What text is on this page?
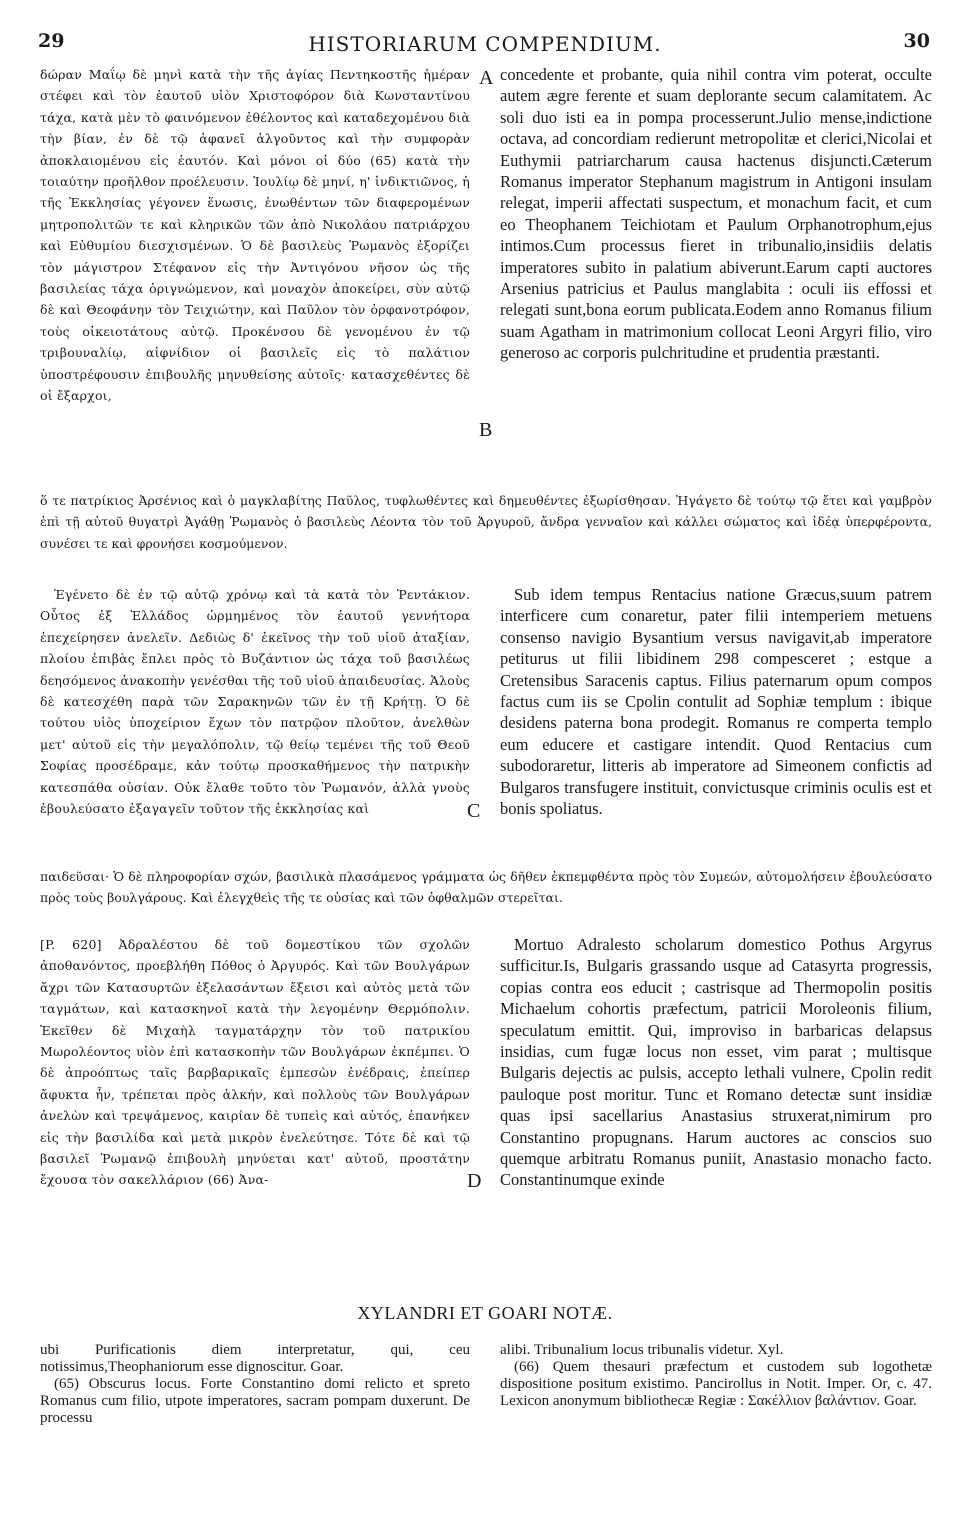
29	HISTORIARUM COMPENDIUM.	30

δώραν Μαΐῳ δὲ μηνὶ κατὰ τὴν τῆς ἁγίας Πεντηκοστῆς ἡμέραν στέφει καὶ τὸν ἑαυτοῦ υἱὸν Χριστοφόρον διὰ Κωνσταντίνου τάχα, κατὰ μὲν τὸ φαινόμενον ἐθέλοντος καὶ καταδεχομένου διὰ τὴν βίαν, ἐν δὲ τῷ ἀφανεῖ ἀλγοῦντος καὶ τὴν συμφορὰν ἀποκλαιομένου εἰς ἑαυτόν. Καὶ μόνοι οἱ δύο (65) κατὰ τὴν τοιαύτην προῆλθον προέλευσιν. Ἰουλίῳ δὲ μηνί, η' ἰνδικτιῶνος, ἡ τῆς Ἐκκλησίας γέγονεν ἕνωσις, ἑνωθέντων τῶν διαφερομένων μητροπολιτῶν τε καὶ κληρικῶν τῶν ἀπὸ Νικολάου πατριάρχου καὶ Εὐθυμίου διεσχισμένων. Ὁ δὲ βασιλεὺς Ῥωμανὸς ἐξορίζει τὸν μάγιστρον Στέφανον εἰς τὴν Ἀντιγόνου νῆσον ὡς τῆς βασιλείας τάχα ὀριγνώμενον, καὶ μοναχὸν ἀποκείρει, σὺν αὐτῷ δὲ καὶ Θεοφάνην τὸν Τειχιώτην, καὶ Παῦλον τὸν ὀρφανοτρόφον, τοὺς οἰκειοτάτους αὐτῷ. Προκένσου δὲ γενομένου ἐν τῷ τριβουναλίῳ, αἰφνίδιον οἱ βασιλεῖς εἰς τὸ παλάτιον ὑποστρέφουσιν ἐπιβουλῆς μηνυθείσης αὐτοῖς· κατασχεθέντες δὲ οἱ ἔξαρχοι,

A
B

concedente et probante, quia nihil contra vim poterat, occulte autem ægre ferente et suam deplorante secum calamitatem. Ac soli duo isti ea in pompa processerunt.Julio mense,indictione octava, ad concordiam redierunt metropolitæ et clerici,Nicolai et Euthymii patriarcharum causa hactenus disjuncti.Cæterum Romanus imperator Stephanum magistrum in Antigoni insulam relegat, imperii affectati suspectum, et monachum facit, et cum eo Theophanem Teichiotam et Paulum Orphanotrophum,ejus intimos.Cum processus fieret in tribunalio,insidiis delatis imperatores subito in palatium abiverunt.Earum capti auctores Arsenius patricius et Paulus manglabita : oculi iis effossi et relegati sunt,bona eorum publicata.Eodem anno Romanus filium suam Agatham in matrimonium collocat Leoni Argyri filio, viro generoso ac corporis pulchritudine et prudentia præstanti.

ὅ τε πατρίκιος Ἀρσένιος καὶ ὁ μαγκλαβίτης Παῦλος, τυφλωθέντες καὶ δημευθέντες ἐξωρίσθησαν. Ἠγάγετο δὲ τούτῳ τῷ ἔτει καὶ γαμβρὸν ἐπὶ τῇ αὐτοῦ θυγατρὶ Ἀγάθῃ Ῥωμανὸς ὁ βασιλεὺς Λέοντα τὸν τοῦ Ἀργυροῦ, ἄνδρα γενναῖον καὶ κάλλει σώματος καὶ ἰδέᾳ ὑπερφέροντα, συνέσει τε καὶ φρονήσει κοσμούμενον.

Ἐγένετο δὲ ἐν τῷ αὐτῷ χρόνῳ καὶ τὰ κατὰ τὸν Ῥεντάκιον. Οὗτος ἐξ Ἑλλάδος ὡρμημένος τὸν ἑαυτοῦ γεννήτορα ἐπεχείρησεν ἀνελεῖν. Δεδιὼς δ' ἐκεῖνος τὴν τοῦ υἱοῦ ἀταξίαν, πλοίου ἐπιβὰς ἔπλει πρὸς τὸ Βυζάντιον ὡς τάχα τοῦ βασιλέως δεησόμενος ἀνακοπὴν γενέσθαι τῆς τοῦ υἱοῦ ἀπαιδευσίας. Ἁλοὺς δὲ κατεσχέθη παρὰ τῶν Σαρακηνῶν τῶν ἐν τῇ Κρήτῃ. Ὁ δὲ τούτου υἱὸς ὑποχείριον ἔχων τὸν πατρῷον πλοῦτον, ἀνελθὼν μετ' αὐτοῦ εἰς τὴν μεγαλόπολιν, τῷ θείῳ τεμένει τῆς τοῦ Θεοῦ Σοφίας προσέδραμε, κἀν τούτῳ προσκαθήμενος τὴν πατρικὴν κατεσπάθα οὐσίαν. Οὐκ ἔλαθε τοῦτο τὸν Ῥωμανόν, ἀλλὰ γνοὺς ἐβουλεύσατο ἐξαγαγεῖν τοῦτον τῆς ἐκκλησίας καὶ	C

Sub idem tempus Rentacius natione Græcus,suum patrem interficere cum conaretur, pater filii intemperiem metuens consenso navigio Bysantium versus navigavit,ab imperatore petiturus ut filii libidinem 298 compesceret ; estque a Cretensibus Saracenis captus. Filius paternarum opum compos factus cum iis se Cpolin contulit ad Sophiæ templum : ibique desidens paterna bona prodegit. Romanus re comperta templo eum educere et castigare intendit. Quod Rentacius cum subodoraretur, litteris ab imperatore ad Simeonem confictis ad Bulgaros transfugere instituit, convictusque criminis oculis est et bonis spoliatus.

παιδεῦσαι· Ὁ δὲ πληροφορίαν σχών, βασιλικὰ πλασάμενος γράμματα ὡς δῆθεν ἐκπεμφθέντα πρὸς τὸν Συμεών, αὐτομολήσειν ἐβουλεύσατο πρὸς τοὺς βουλγάρους. Καὶ ἐλεγχθεὶς τῆς τε οὐσίας καὶ τῶν ὀφθαλμῶν στερεῖται.

[P. 620] Ἀδραλέστου δὲ τοῦ δομεστίκου τῶν σχολῶν ἀποθανόντος, προεβλήθη Πόθος ὁ Ἀργυρός. Καὶ τῶν Βουλγάρων ἄχρι τῶν Κατασυρτῶν ἐξελασάντων ἔξεισι καὶ αὐτὸς μετὰ τῶν ταγμάτων, καὶ κατασκηνοῖ κατὰ τὴν λεγομένην Θερμόπολιν. Ἐκεῖθεν δὲ Μιχαὴλ ταγματάρχην τὸν τοῦ πατρικίου Μωρολέοντος υἱὸν ἐπὶ κατασκοπὴν τῶν Βουλγάρων ἐκπέμπει. Ὁ δὲ ἀπροόπτως ταῖς βαρβαρικαῖς ἐμπεσὼν ἐνέδραις, ἐπείπερ ἄφυκτα ἦν, τρέπεται πρὸς ἀλκήν, καὶ πολλοὺς τῶν Βουλγάρων ἀνελὼν καὶ τρεψάμενος, καιρίαν δὲ τυπεὶς καὶ αὐτός, ἐπανήκεν εἰς τὴν βασιλίδα καὶ μετὰ μικρὸν ἐνελεύτησε. Τότε δὲ καὶ τῷ βασιλεῖ Ῥωμανῷ ἐπιβουλὴ μηνύεται κατ' αὐτοῦ, προστάτην ἔχουσα τὸν σακελλάριον (66) Ἀνα-	D

Mortuo Adralesto scholarum domestico Pothus Argyrus sufficitur.Is, Bulgaris grassando usque ad Catasyrta progressis, copias contra eos educit ; castrisque ad Thermopolin positis Michaelum cohortis præfectum, patricii Moroleonis filium, speculatum emittit. Qui, improviso in barbaricas delapsus insidias, cum fugæ locus non esset, vim parat ; multisque Bulgaris dejectis ac pulsis, accepto lethali vulnere, Cpolin redit pauloque post moritur. Tunc et Romano detectæ sunt insidiæ quas ipsi sacellarius Anastasius struxerat,nimirum pro Constantino propugnans. Harum auctores ac conscios suo quemque arbitratu Romanus puniit, Anastasio monacho facto. Constantinumque exinde

XYLANDRI ET GOARI NOTÆ.

ubi Purificationis diem interpretatur, qui, ceu notissimus,Theophaniorum esse dignoscitur. Goar.

(65) Obscurus locus. Forte Constantino domi relicto et spreto Romanus cum filio, utpote imperatores, sacram pompam duxerunt. De processu

alibi. Tribunalium locus tribunalis videtur. Xyl.

(66) Quem thesauri præfectum et custodem sub logothetæ dispositione positum existimo. Pancirollus in Notit. Imper. Or, c. 47. Lexicon anonymum bibliothecæ Regiæ : Σακέλλιον βαλάντιον. Goar.
